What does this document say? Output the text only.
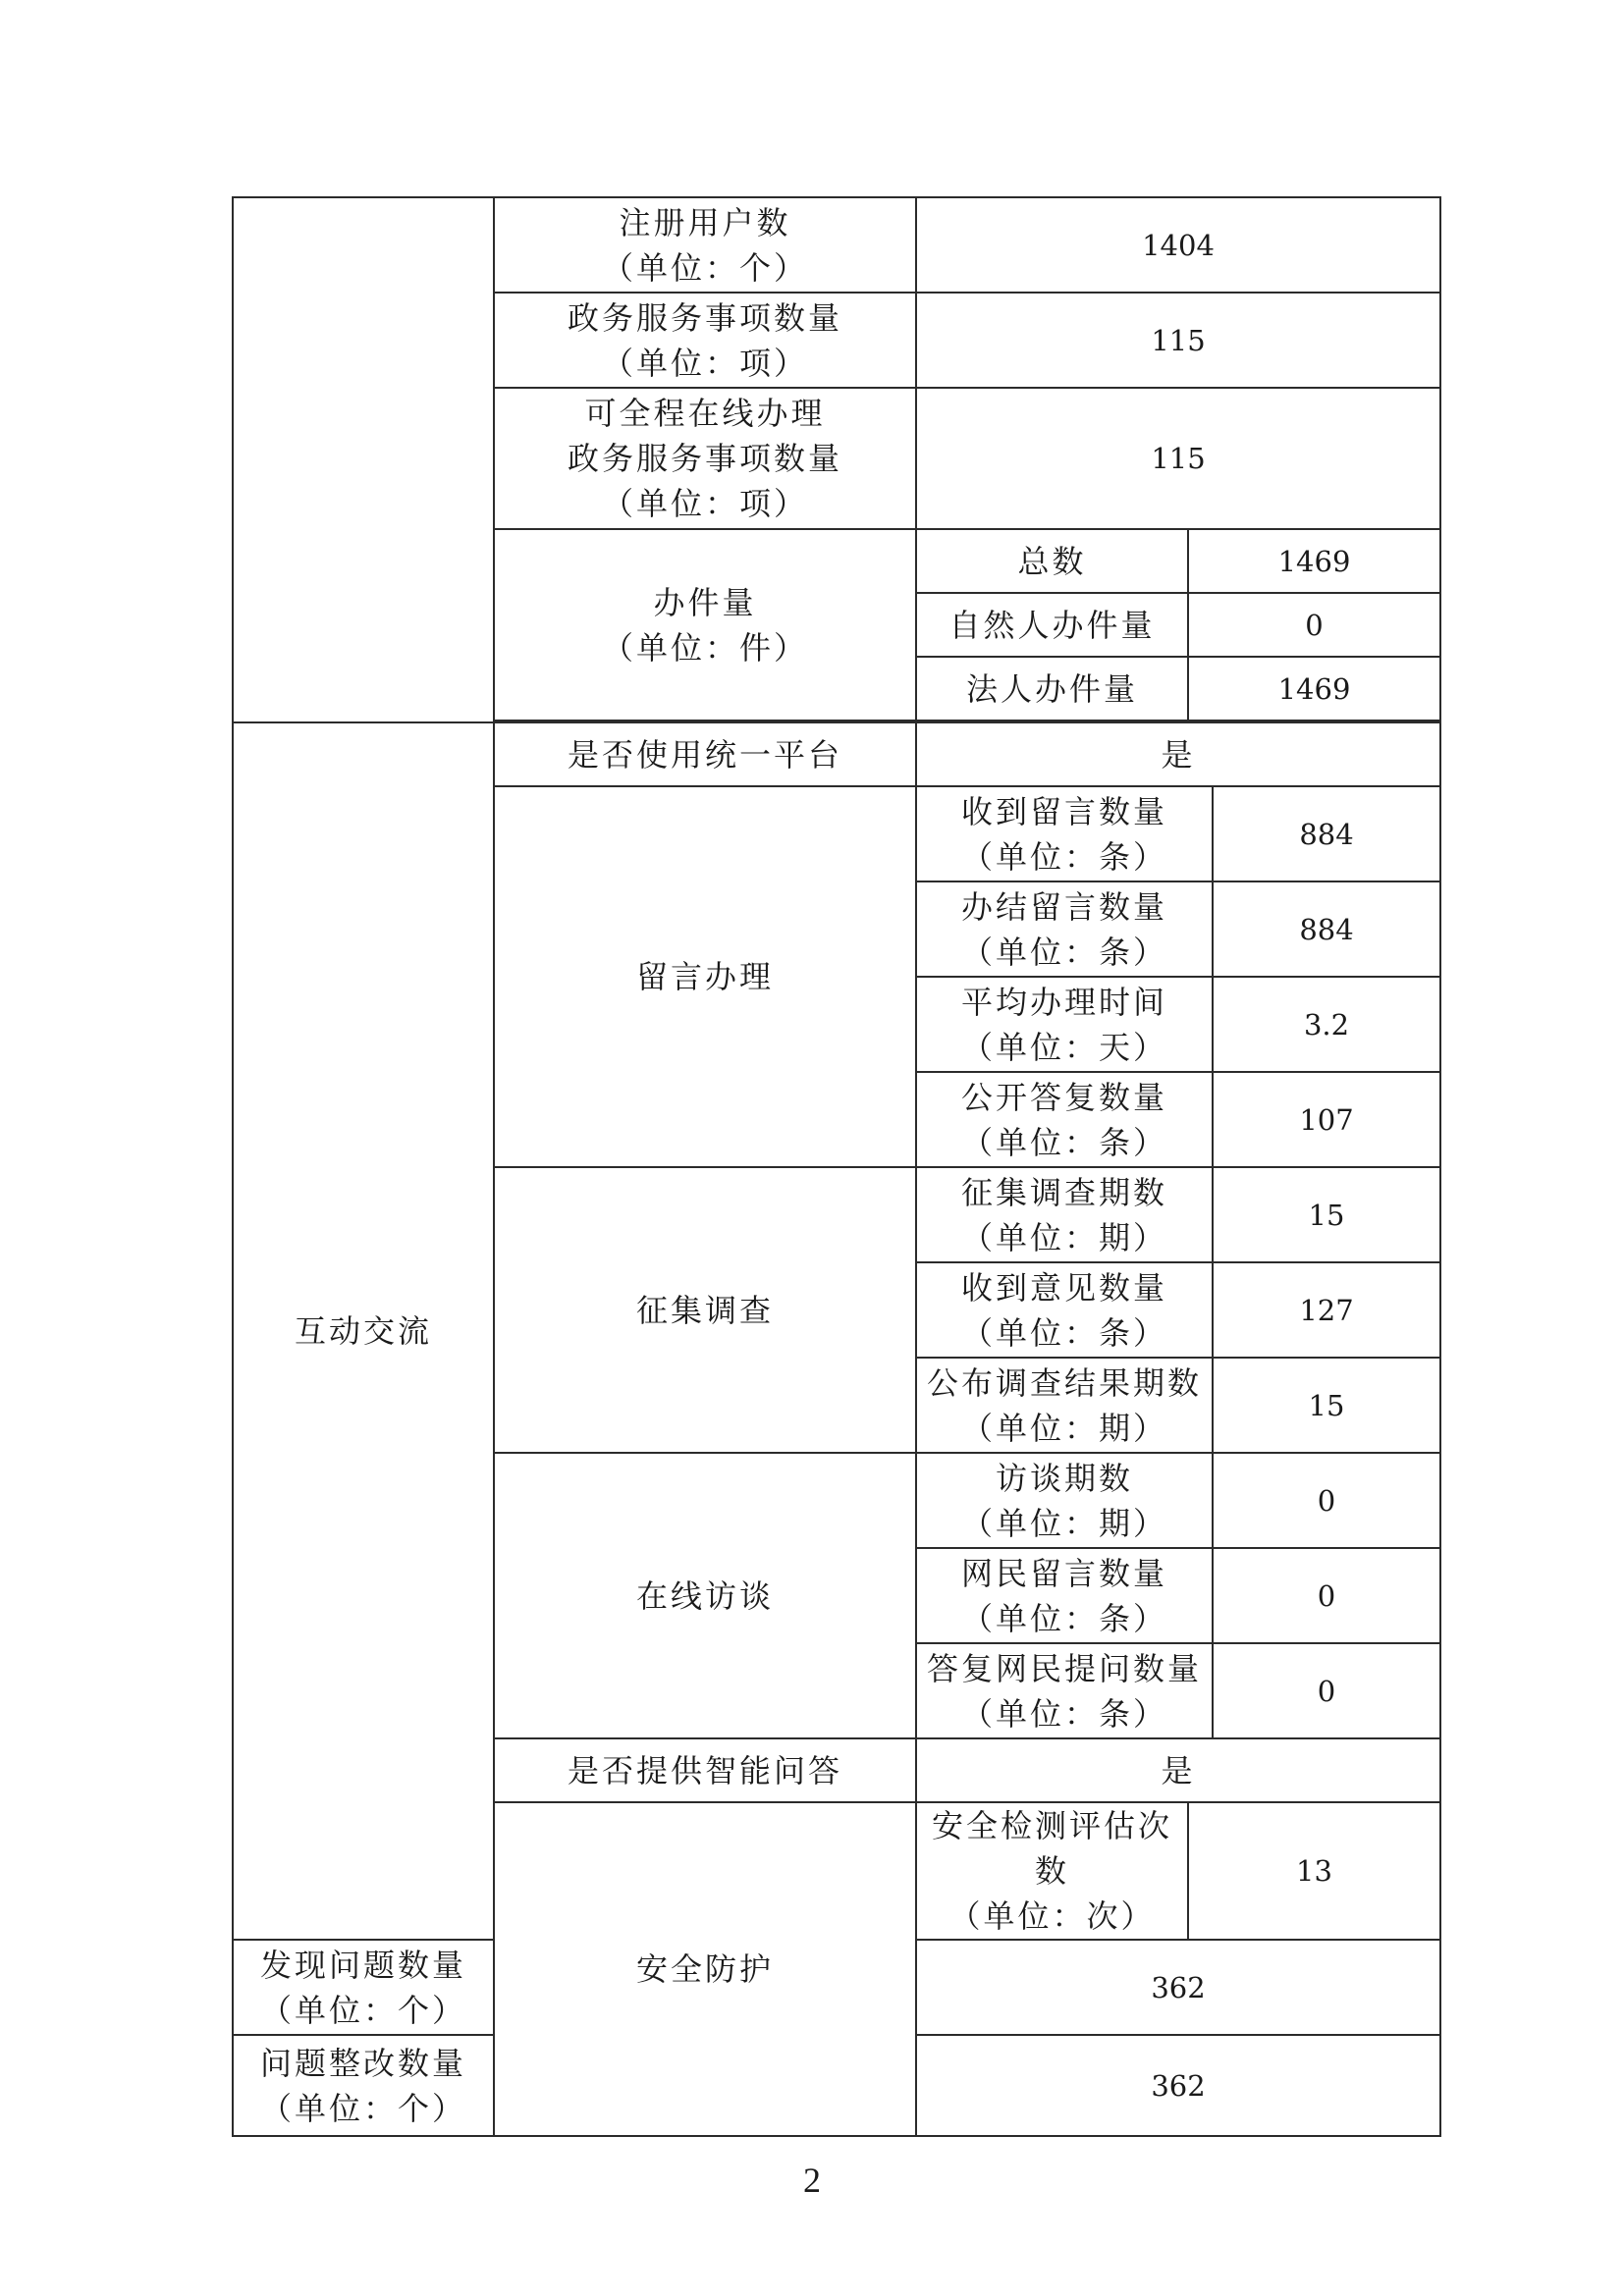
	注册用户数
（单位：个）	1404		

	政务服务事项数量
（单位：项）	115		

	可全程在线办理
政务服务事项数量
（单位：项）	115		

	办件量
（单位：件）	总数	1469	
		自然人办件量	0	
		法人办件量	1469	

互动交流	是否使用统一平台	是		
	留言办理	收到留言数量
（单位：条）		884

		办结留言数量
（单位：条）		884

		平均办理时间
（单位：天）		3.2

		公开答复数量
（单位：条）		107
	征集调查	征集调查期数
（单位：期）		15

		收到意见数量
（单位：条）		127

		公布调查结果期数
（单位：期）		15
	在线访谈	访谈期数
（单位：期）		0

		网民留言数量
（单位：条）		0

		答复网民提问数量
（单位：条）		0
	是否提供智能问答	是		
	安全防护	安全检测评估次数
（单位：次）	13	

发现问题数量
（单位：个）		362		

问题整改数量
（单位：个）		362		
2
